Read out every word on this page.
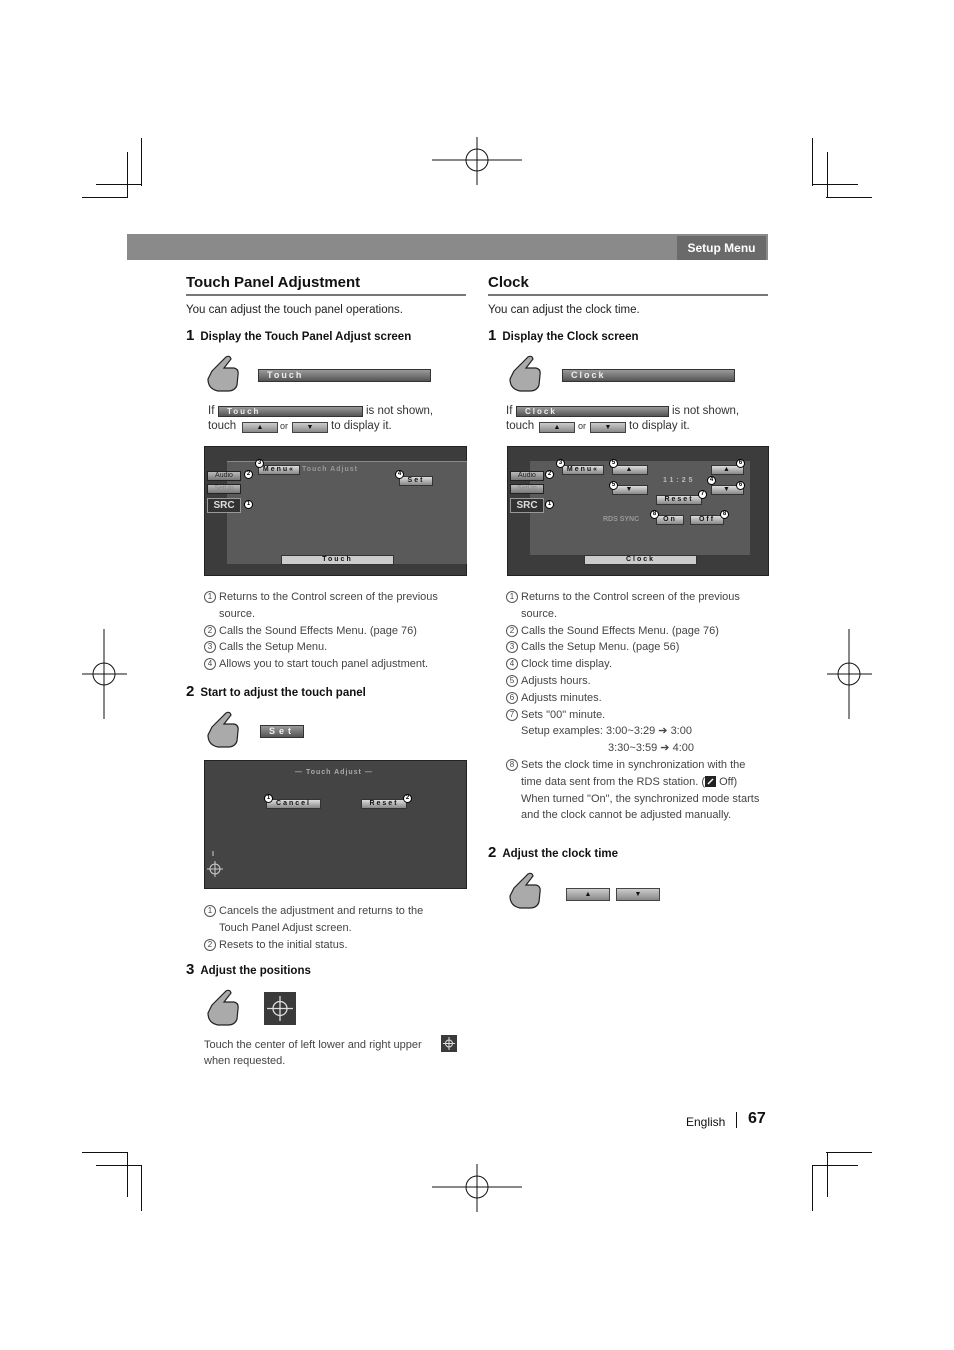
Setup Menu
Touch Panel Adjustment
You can adjust the touch panel operations.
1 Display the Touch Panel Adjust screen
Touch
If	Touch	is not shown,
touch	▲	or	▼	to display it.
Audio
SetUp
SRC
Menu« Touch Adjust
Set
Touch
1
2
3
4
1 Returns to the Control screen of the previous source.
2 Calls the Sound Effects Menu. (page 76)
3 Calls the Setup Menu.
4 Allows you to start touch panel adjustment.
2 Start to adjust the touch panel
Set
— Touch Adjust —
Cancel	Reset
1	2
1 Cancels the adjustment and returns to the Touch Panel Adjust screen.
2 Resets to the initial status.
3 Adjust the positions
Touch the center of left lower and right upper
when requested.
Clock
You can adjust the clock time.
1 Display the Clock screen
Clock
If	Clock	is not shown,
touch	▲	or	▼	to display it.
Audio
SetUp
SRC
Menu«	▲
▼
11:25
▲
▼
Reset
RDS SYNC	On	Off
Clock
1
2
3
4
5
5
6
6
7
8	8
1 Returns to the Control screen of the previous source.
2 Calls the Sound Effects Menu. (page 76)
3 Calls the Setup Menu. (page 56)
4 Clock time display.
5 Adjusts hours.
6 Adjusts minutes.
7 Sets "00" minute.
Setup examples: 3:00~3:29 ➔ 3:00
3:30~3:59 ➔ 4:00
8 Sets the clock time in synchronization with the time data sent from the RDS station. ( Off)
When turned "On", the synchronized mode starts and the clock cannot be adjusted manually.
2 Adjust the clock time
▲	▼
English 67
